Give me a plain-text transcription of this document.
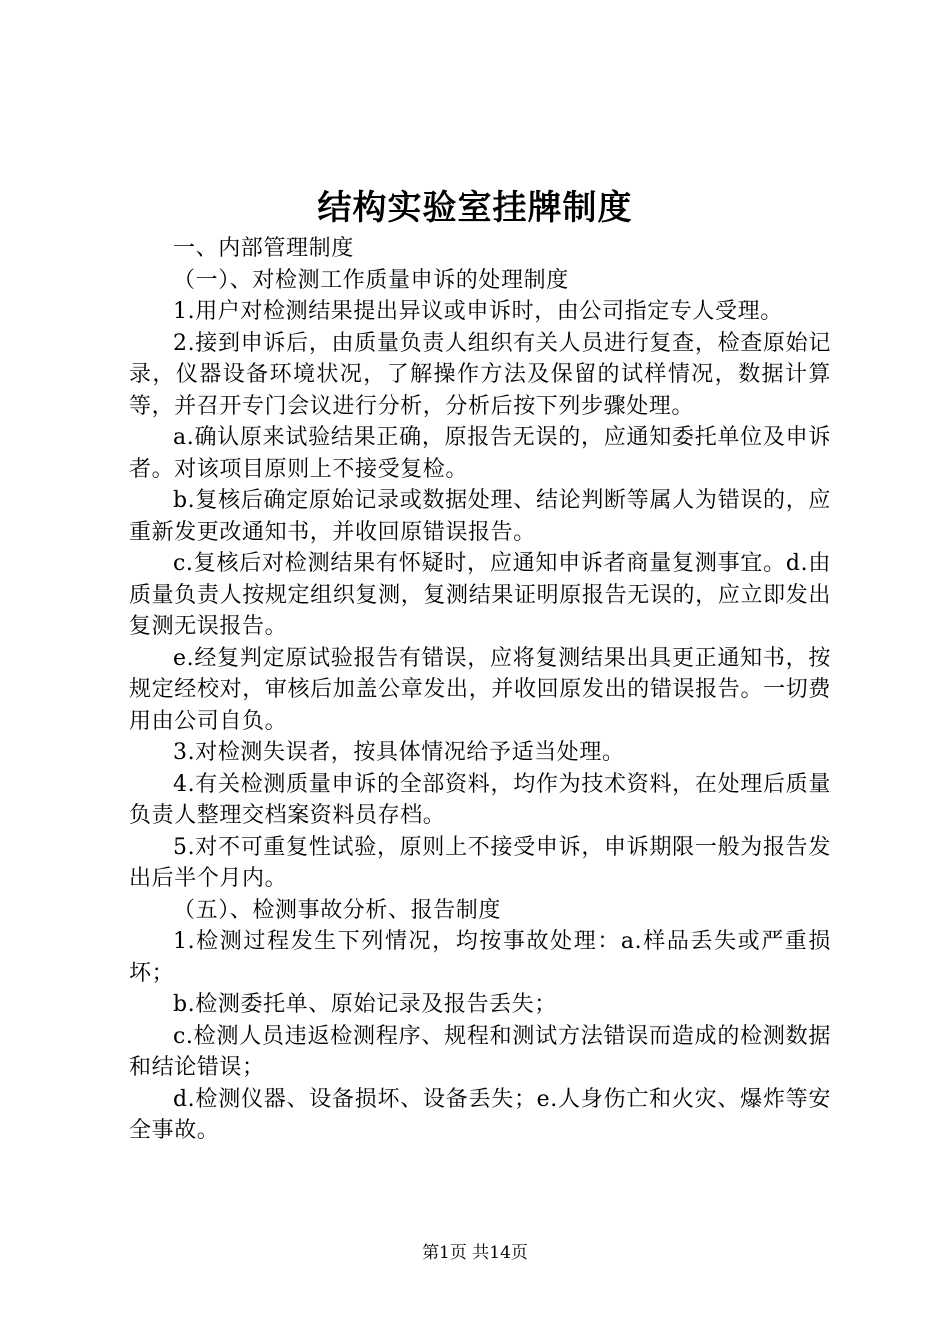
结构实验室挂牌制度

一、内部管理制度

（一）、对检测工作质量申诉的处理制度

1.用户对检测结果提出异议或申诉时，由公司指定专人受理。

2.接到申诉后，由质量负责人组织有关人员进行复查，检查原始记录，仪器设备环境状况，了解操作方法及保留的试样情况，数据计算等，并召开专门会议进行分析，分析后按下列步骤处理。

a.确认原来试验结果正确，原报告无误的，应通知委托单位及申诉者。对该项目原则上不接受复检。

b.复核后确定原始记录或数据处理、结论判断等属人为错误的，应重新发更改通知书，并收回原错误报告。

c.复核后对检测结果有怀疑时，应通知申诉者商量复测事宜。d.由质量负责人按规定组织复测，复测结果证明原报告无误的，应立即发出复测无误报告。

e.经复判定原试验报告有错误，应将复测结果出具更正通知书，按规定经校对，审核后加盖公章发出，并收回原发出的错误报告。一切费用由公司自负。

3.对检测失误者，按具体情况给予适当处理。

4.有关检测质量申诉的全部资料，均作为技术资料，在处理后质量负责人整理交档案资料员存档。

5.对不可重复性试验，原则上不接受申诉，申诉期限一般为报告发出后半个月内。

（五）、检测事故分析、报告制度

1.检测过程发生下列情况，均按事故处理：a.样品丢失或严重损坏；

b.检测委托单、原始记录及报告丢失；

c.检测人员违返检测程序、规程和测试方法错误而造成的检测数据和结论错误；

d.检测仪器、设备损坏、设备丢失；e.人身伤亡和火灾、爆炸等安全事故。

第1页 共14页
